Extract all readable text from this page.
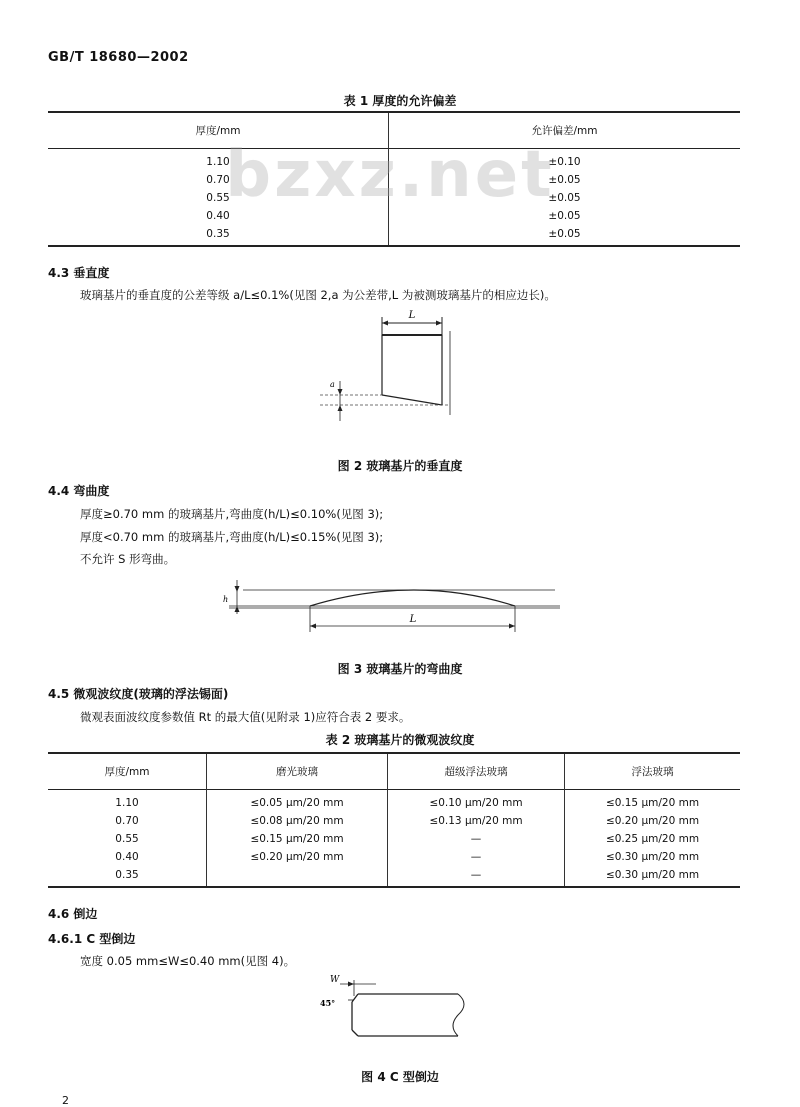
GB/T 18680—2002
表 1 厚度的允许偏差
厚度/mm	允许偏差/mm
1.10	±0.10
0.70	±0.05
0.55	±0.05
0.40	±0.05
0.35	±0.05
bzxz.net
4.3 垂直度
玻璃基片的垂直度的公差等级 a/L≤0.1%(见图 2,a 为公差带,L 为被测玻璃基片的相应边长)。
L
a
图 2 玻璃基片的垂直度
4.4 弯曲度
厚度≥0.70 mm 的玻璃基片,弯曲度(h/L)≤0.10%(见图 3);
厚度<0.70 mm 的玻璃基片,弯曲度(h/L)≤0.15%(见图 3);
不允许 S 形弯曲。
h
L
图 3 玻璃基片的弯曲度
4.5 微观波纹度(玻璃的浮法锡面)
微观表面波纹度参数值 Rt 的最大值(见附录 1)应符合表 2 要求。
表 2 玻璃基片的微观波纹度
厚度/mm	磨光玻璃	超级浮法玻璃	浮法玻璃
1.10	≤0.05 μm/20 mm	≤0.10 μm/20 mm	≤0.15 μm/20 mm
0.70	≤0.08 μm/20 mm	≤0.13 μm/20 mm	≤0.20 μm/20 mm
0.55	≤0.15 μm/20 mm	—	≤0.25 μm/20 mm
0.40	≤0.20 μm/20 mm	—	≤0.30 μm/20 mm
0.35		—	≤0.30 μm/20 mm
4.6 倒边
4.6.1 C 型倒边
宽度 0.05 mm≤W≤0.40 mm(见图 4)。
W
45°
图 4 C 型倒边
2
